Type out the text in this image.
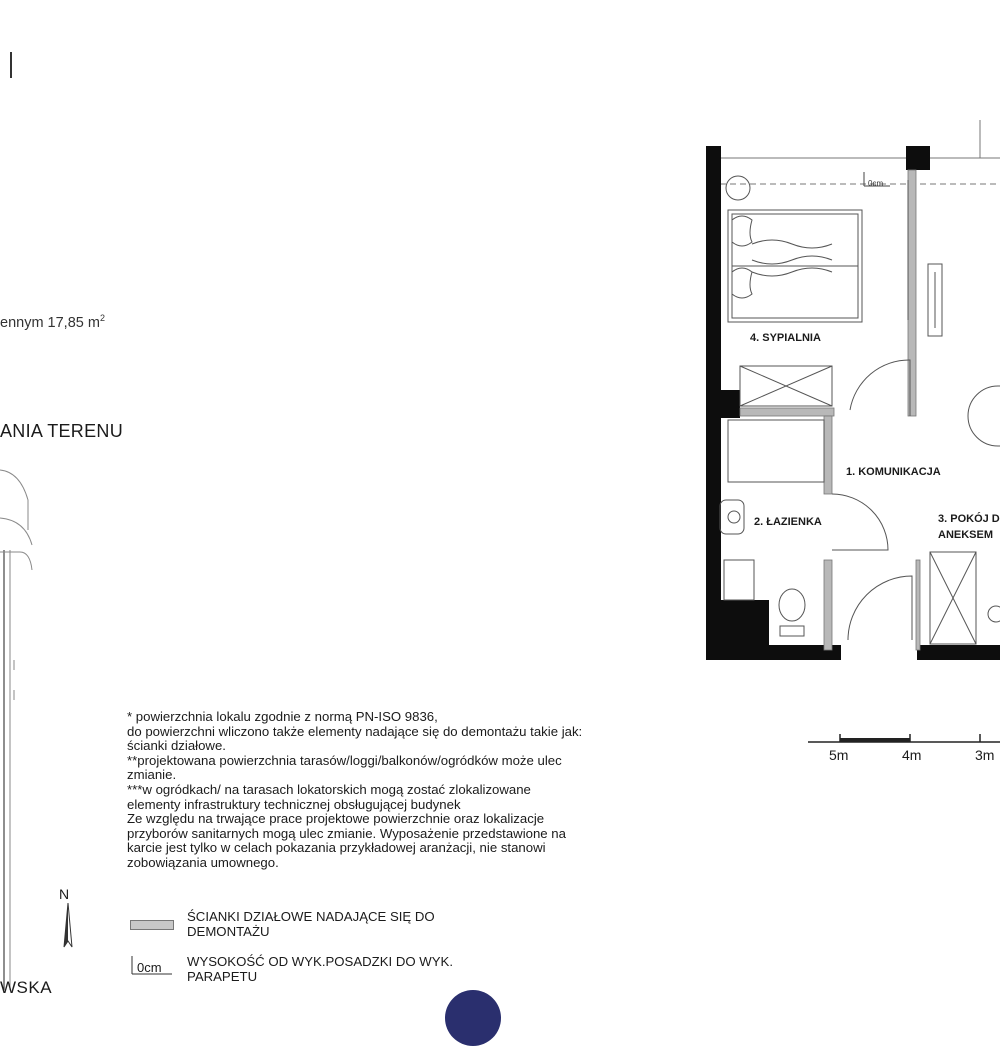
ennym 17,85 $m^2$
ANIA TERENU
WSKA
0cm
4. SYPIALNIA
1. KOMUNIKACJA
2. ŁAZIENKA	3. POKÓJ D
ANEKSEM
5m	4m	3m
* powierzchnia lokalu zgodnie z normą PN-ISO 9836,
do powierzchni wliczono także elementy nadające się do demontażu takie jak:
ścianki działowe.
**projektowana powierzchnia tarasów/loggi/balkonów/ogródków może ulec
zmianie.
***w ogródkach/ na tarasach lokatorskich mogą zostać zlokalizowane
elementy infrastruktury technicznej obsługującej budynek
Ze względu na trwające prace projektowe powierzchnie oraz lokalizacje
przyborów sanitarnych mogą ulec zmianie. Wyposażenie przedstawione na
karcie jest tylko w celach pokazania przykładowej aranżacji, nie stanowi
zobowiązania umownego.
ŚCIANKI DZIAŁOWE NADAJĄCE SIĘ DO
DEMONTAŻU
0cm WYSOKOŚĆ OD WYK.POSADZKI DO WYK.
PARAPETU
N
